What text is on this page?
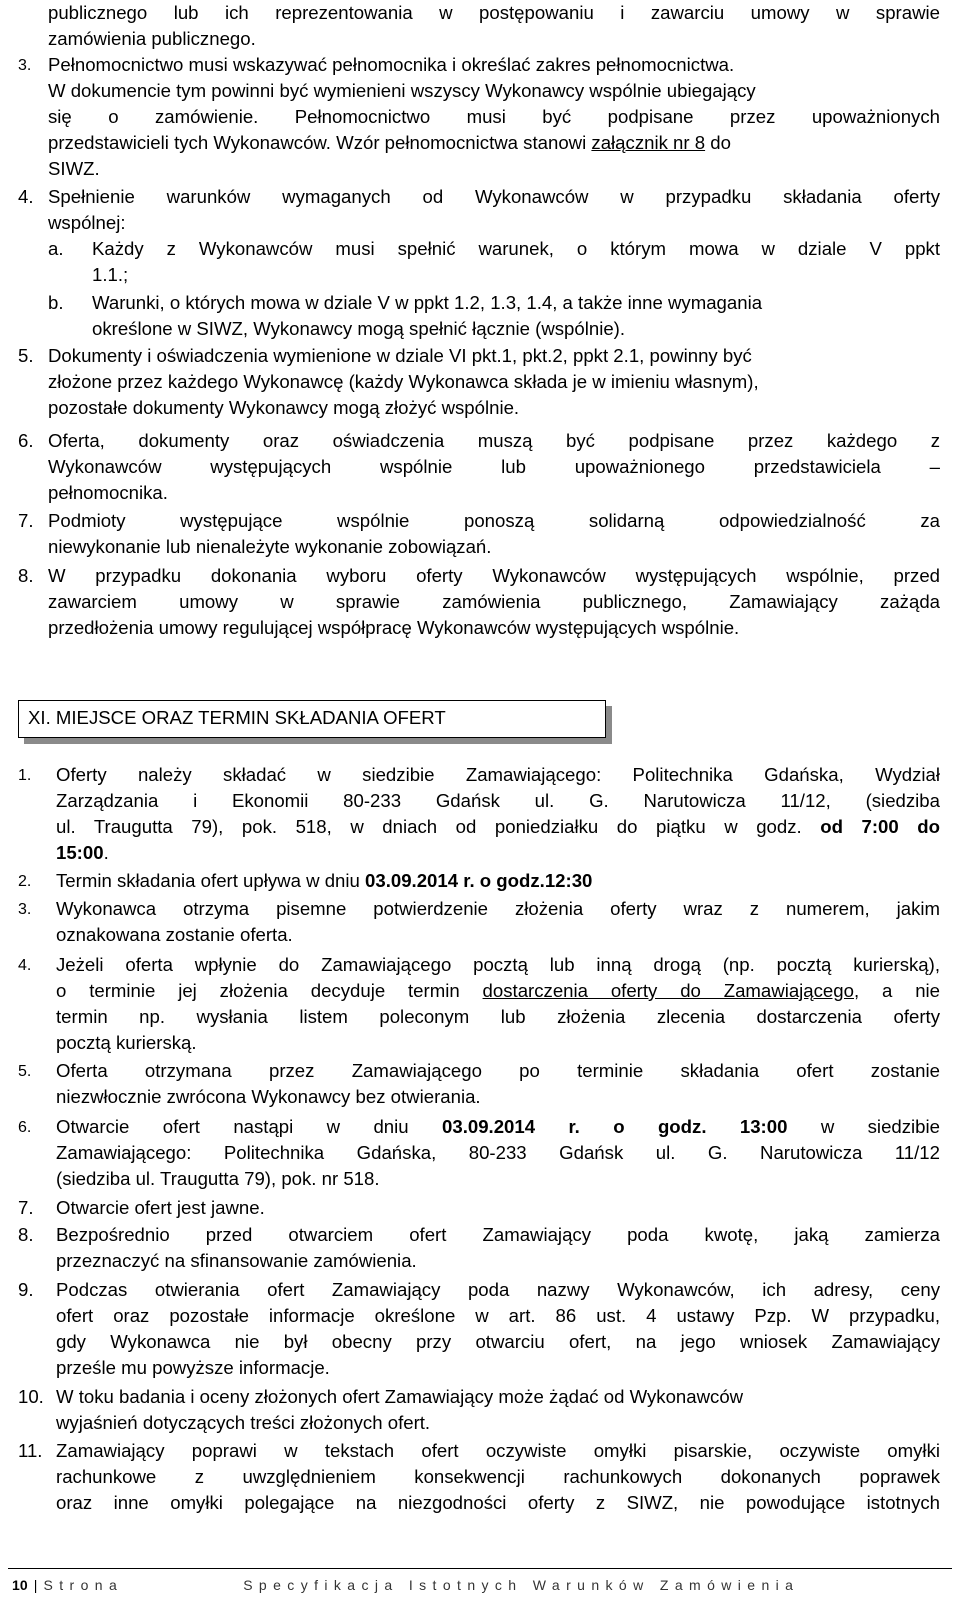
publicznego lub ich reprezentowania w postępowaniu i zawarciu umowy w sprawie
zamówienia publicznego.
3. Pełnomocnictwo musi wskazywać pełnomocnika i określać zakres pełnomocnictwa.
W dokumencie tym powinni być wymienieni wszyscy Wykonawcy wspólnie ubiegający
się o zamówienie. Pełnomocnictwo musi być podpisane przez upoważnionych
przedstawicieli tych Wykonawców. Wzór pełnomocnictwa stanowi załącznik nr 8 do
SIWZ.
4. Spełnienie warunków wymaganych od Wykonawców w przypadku składania oferty
wspólnej:
a. Każdy z Wykonawców musi spełnić warunek, o którym mowa w dziale V ppkt
1.1.;
b. Warunki, o których mowa w dziale V w ppkt 1.2, 1.3, 1.4, a także inne wymagania
określone w SIWZ, Wykonawcy mogą spełnić łącznie (wspólnie).
5. Dokumenty i oświadczenia wymienione w dziale VI pkt.1, pkt.2, ppkt 2.1, powinny być
złożone przez każdego Wykonawcę (każdy Wykonawca składa je w imieniu własnym),
pozostałe dokumenty Wykonawcy mogą złożyć wspólnie.
6. Oferta, dokumenty oraz oświadczenia muszą być podpisane przez każdego z
Wykonawców występujących wspólnie lub upoważnionego przedstawiciela –
pełnomocnika.
7. Podmioty występujące wspólnie ponoszą solidarną odpowiedzialność za
niewykonanie lub nienależyte wykonanie zobowiązań.
8. W przypadku dokonania wyboru oferty Wykonawców występujących wspólnie, przed
zawarciem umowy w sprawie zamówienia publicznego, Zamawiający zażąda
przedłożenia umowy regulującej współpracę Wykonawców występujących wspólnie.
XI. MIEJSCE ORAZ TERMIN SKŁADANIA OFERT
1. Oferty należy składać w siedzibie Zamawiającego: Politechnika Gdańska, Wydział
Zarządzania i Ekonomii 80-233 Gdańsk ul. G. Narutowicza 11/12, (siedziba
ul. Traugutta 79), pok. 518, w dniach od poniedziałku do piątku w godz. od 7:00 do
15:00.
2. Termin składania ofert upływa w dniu 03.09.2014 r. o godz.12:30
3. Wykonawca otrzyma pisemne potwierdzenie złożenia oferty wraz z numerem, jakim
oznakowana zostanie oferta.
4. Jeżeli oferta wpłynie do Zamawiającego pocztą lub inną drogą (np. pocztą kurierską),
o terminie jej złożenia decyduje termin dostarczenia oferty do Zamawiającego, a nie
termin np. wysłania listem poleconym lub złożenia zlecenia dostarczenia oferty
pocztą kurierską.
5. Oferta otrzymana przez Zamawiającego po terminie składania ofert zostanie
niezwłocznie zwrócona Wykonawcy bez otwierania.
6. Otwarcie ofert nastąpi w dniu 03.09.2014 r. o godz. 13:00 w siedzibie
Zamawiającego: Politechnika Gdańska, 80-233 Gdańsk ul. G. Narutowicza 11/12
(siedziba ul. Traugutta 79), pok. nr 518.
7. Otwarcie ofert jest jawne.
8. Bezpośrednio przed otwarciem ofert Zamawiający poda kwotę, jaką zamierza
przeznaczyć na sfinansowanie zamówienia.
9. Podczas otwierania ofert Zamawiający poda nazwy Wykonawców, ich adresy, ceny
ofert oraz pozostałe informacje określone w art. 86 ust. 4 ustawy Pzp. W przypadku,
gdy Wykonawca nie był obecny przy otwarciu ofert, na jego wniosek Zamawiający
prześle mu powyższe informacje.
10. W toku badania i oceny złożonych ofert Zamawiający może żądać od Wykonawców
wyjaśnień dotyczących treści złożonych ofert.
11. Zamawiający poprawi w tekstach ofert oczywiste omyłki pisarskie, oczywiste omyłki
rachunkowe z uwzględnieniem konsekwencji rachunkowych dokonanych poprawek
oraz inne omyłki polegające na niezgodności oferty z SIWZ, nie powodujące istotnych
10 | Strona	Specyfikacja Istotnych Warunków Zamówienia
